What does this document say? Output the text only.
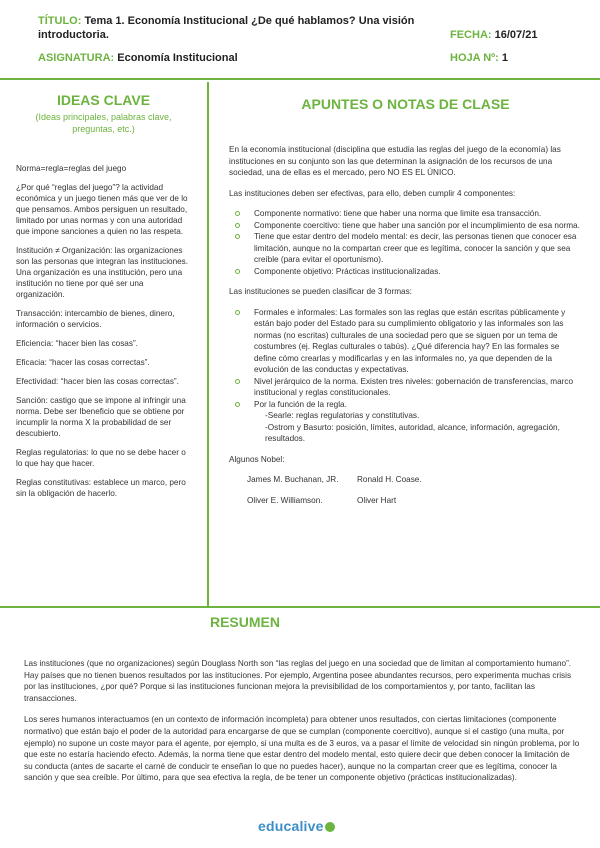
TÍTULO: Tema 1. Economía Institucional ¿De qué hablamos? Una visión introductoria.
ASIGNATURA: Economía Institucional
FECHA: 16/07/21
HOJA Nº: 1
IDEAS CLAVE
(Ideas principales, palabras clave, preguntas, etc.)

Norma=regla=reglas del juego

¿Por qué “reglas del juego”? la actividad económica y un juego tienen más que ver de lo que pensamos. Ambos persiguen un resultado, limitado por unas normas y con una autoridad que impone sanciones a quien no las respeta.

Institución ≠ Organización: las organizaciones son las personas que integran las instituciones. Una organización es una institución, pero una institución no tiene por qué ser una organización.

Transacción: intercambio de bienes, dinero, información o servicios.

Eficiencia: “hacer bien las cosas”.

Eficacia: “hacer las cosas correctas”.

Efectividad: “hacer bien las cosas correctas”.

Sanción: castigo que se impone al infringir una norma. Debe ser Ibeneficio que se obtiene por incumplir la norma X la probabilidad de ser descubierto.

Reglas regulatorias: lo que no se debe hacer o lo que hay que hacer.

Reglas constitutivas: establece un marco, pero sin la obligación de hacerlo.

APUNTES O NOTAS DE CLASE

En la economía institucional (disciplina que estudia las reglas del juego de la economía) las instituciones en su conjunto son las que determinan la asignación de los recursos de una sociedad, una de ellas es el mercado, pero NO ES EL ÚNICO.

Las instituciones deben ser efectivas, para ello, deben cumplir 4 componentes:

Componente normativo: tiene que haber una norma que limite esa transacción.
Componente coercitivo: tiene que haber una sanción por el incumplimiento de esa norma.
Tiene que estar dentro del modelo mental: es decir, las personas tienen que conocer esa limitación, aunque no la compartan creer que es legítima, conocer la sanción y que sea creíble (para evitar el oportunismo).
Componente objetivo: Prácticas institucionalizadas.

Las instituciones se pueden clasificar de 3 formas:

Formales e informales: Las formales son las reglas que están escritas públicamente y están bajo poder del Estado para su cumplimiento obligatorio y las informales son las normas (no escritas) culturales de una sociedad pero que se siguen por un tema de costumbres (ej. Reglas culturales o tabús). ¿Qué diferencia hay? En las formales se define cómo crearlas y modificarlas y en las informales no, ya que dependen de la evolución de las conductas y expectativas.
Nivel jerárquico de la norma. Existen tres niveles: gobernación de transferencias, marco institucional y reglas constitucionales.
Por la función de la regla.
-Searle: reglas regulatorias y constitutivas.
-Ostrom y Basurto: posición, límites, autoridad, alcance, información, agregación, resultados.

Algunos Nobel:

James M. Buchanan, JR.	Ronald H. Coase.
Oliver E. Williamson.	Oliver Hart
RESUMEN

Las instituciones (que no organizaciones) según Douglass North son “las reglas del juego en una sociedad que de limitan al comportamiento humano”. Hay países que no tienen buenos resultados por las instituciones. Por ejemplo, Argentina posee abundantes recursos, pero experimenta muchas crisis por las instituciones, ¿por qué? Porque si las instituciones funcionan mejora la previsibilidad de los comportamientos y, por tanto, facilitan las transacciones.

Los seres humanos interactuamos (en un contexto de información incompleta) para obtener unos resultados, con ciertas limitaciones (componente normativo) que están bajo el poder de la autoridad para encargarse de que se cumplan (componente coercitivo), aunque si el castigo (una multa, por ejemplo) no supone un coste mayor para el agente, por ejemplo, si una multa es de 3 euros, va a pasar el límite de velocidad sin ningún problema, por lo que este no estaría haciendo efecto. Además, la norma tiene que estar dentro del modelo mental, esto quiere decir que deben conocer la limitación de su conducta (antes de sacarte el carné de conducir te enseñan lo que no puedes hacer), aunque no la compartan creer que es legítima, conocer la sanción y que sea creíble. Por último, para que sea efectiva la regla, de be tener un componente objetivo (prácticas institucionalizadas).

educalive
